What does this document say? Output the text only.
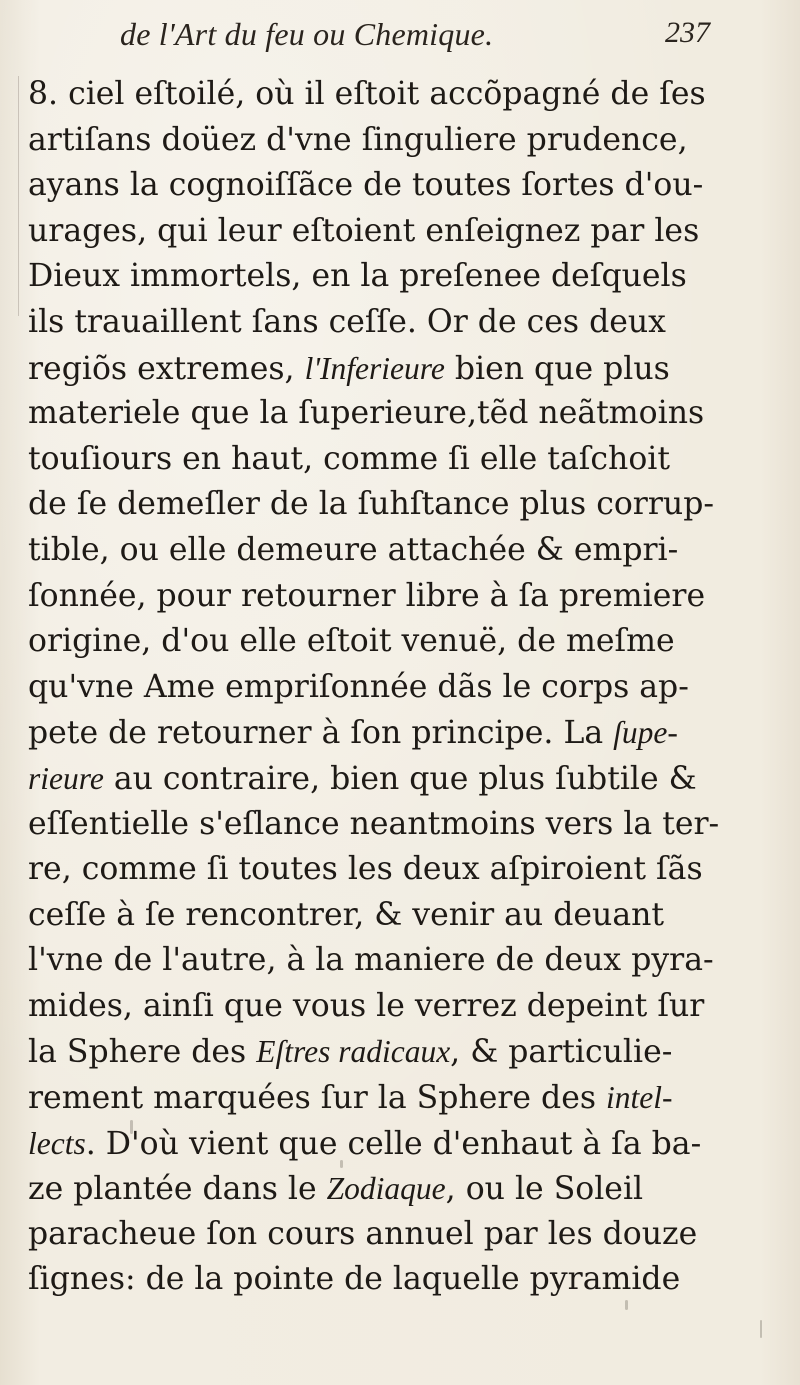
de l'Art du feu ou Chemique.	237
8. ciel eſtoilé, où il eſtoit accõpagné de ſes
artiſans doüez d'vne ſinguliere prudence,
ayans la cognoiſſãce de toutes ſortes d'ou-
urages, qui leur eſtoient enſeignez par les
Dieux immortels, en la preſenee deſquels
ils trauaillent ſans ceſſe. Or de ces deux
regiõs extremes, l'Inferieure bien que plus
materiele que la ſuperieure,tẽd neãtmoins
touſiours en haut, comme ſi elle taſchoit
de ſe demeſler de la ſuhſtance plus corrup-
tible, ou elle demeure attachée & empri-
ſonnée, pour retourner libre à ſa premiere
origine, d'ou elle eſtoit venuë, de meſme
qu'vne Ame empriſonnée dãs le corps ap-
pete de retourner à ſon principe. La ſupe-
rieure au contraire, bien que plus ſubtile &
eſſentielle s'eſlance neantmoins vers la ter-
re, comme ſi toutes les deux aſpiroient ſãs
ceſſe à ſe rencontrer, & venir au deuant
l'vne de l'autre, à la maniere de deux pyra-
mides, ainſi que vous le verrez depeint ſur
la Sphere des Eſtres radicaux, & particulie-
rement marquées ſur la Sphere des intel-
lects. D'où vient que celle d'enhaut à ſa ba-
ze plantée dans le Zodiaque, ou le Soleil
paracheue ſon cours annuel par les douze
ſignes: de la pointe de laquelle pyramide
